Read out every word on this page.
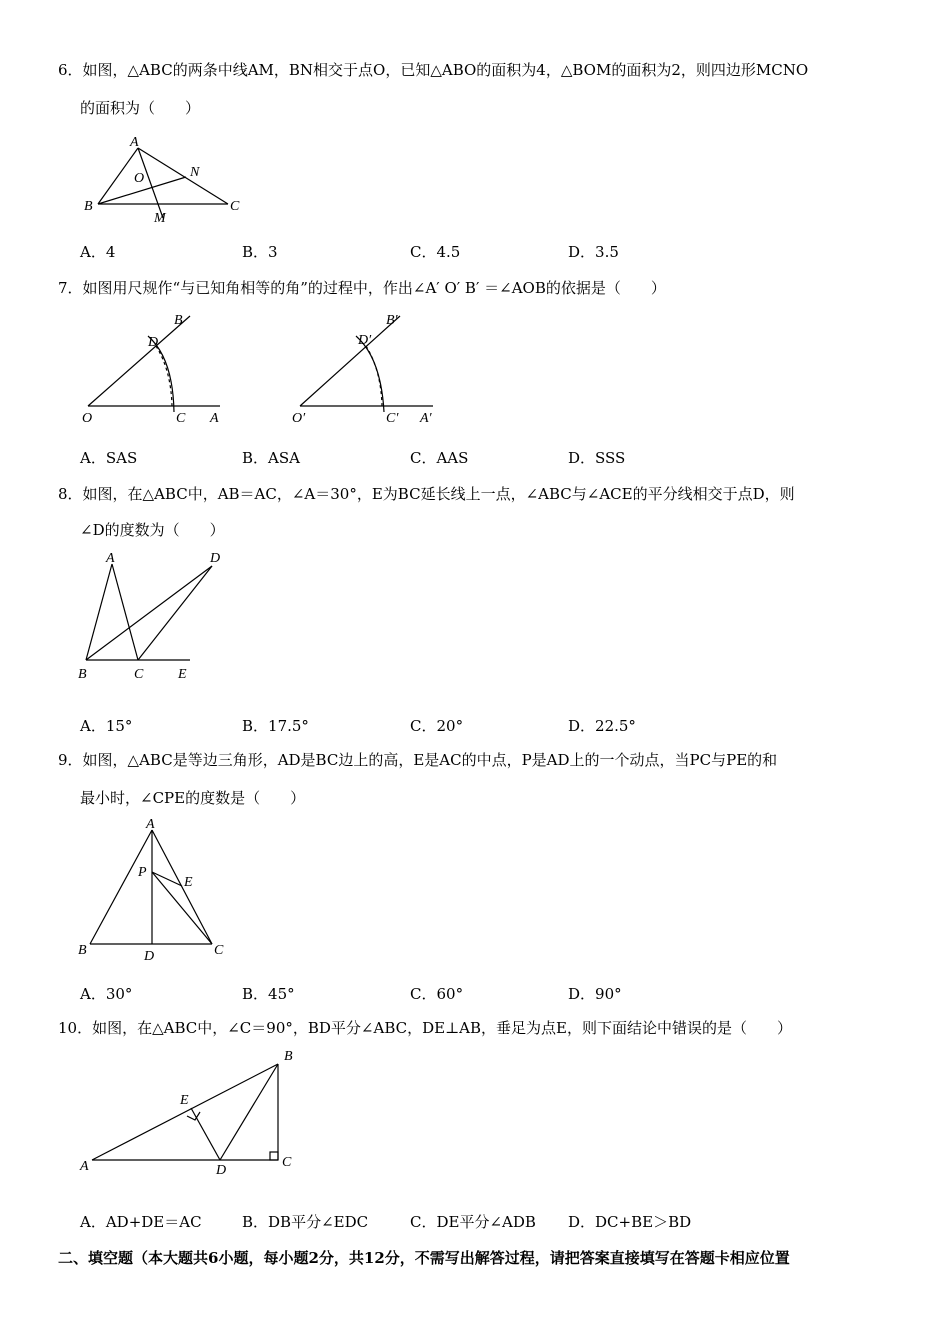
6．如图，△ABC的两条中线AM，BN相交于点O，已知△ABO的面积为4，△BOM的面积为2，则四边形MCNO
的面积为（　　）
A
O	N
B
M
C
A．4	B．3	C．4.5	D．3.5
7．如图用尺规作“与已知角相等的角”的过程中，作出∠A′ O′ B′ ＝∠AOB的依据是（　　）
B
D
O	C A
B′
D′
O′	C′ A′
A．SAS	B．ASA	C．AAS	D．SSS
8．如图，在△ABC中，AB＝AC，∠A＝30°，E为BC延长线上一点，∠ABC与∠ACE的平分线相交于点D，则
∠D的度数为（　　）
A	D
B	C E
A．15°	B．17.5°	C．20°	D．22.5°
9．如图，△ABC是等边三角形，AD是BC边上的高，E是AC的中点，P是AD上的一个动点，当PC与PE的和
最小时，∠CPE的度数是（　　）
A
P
E
B	D	C
A．30°	B．45°	C．60°	D．90°
10．如图，在△ABC中，∠C＝90°，BD平分∠ABC，DE⊥AB，垂足为点E，则下面结论中错误的是（　　）
B
E
A	D
C
A．AD+DE＝AC	B．DB平分∠EDC	C．DE平分∠ADB D．DC+BE＞BD
二、填空题（本大题共6小题，每小题2分，共12分，不需写出解答过程，请把答案直接填写在答题卡相应位置
